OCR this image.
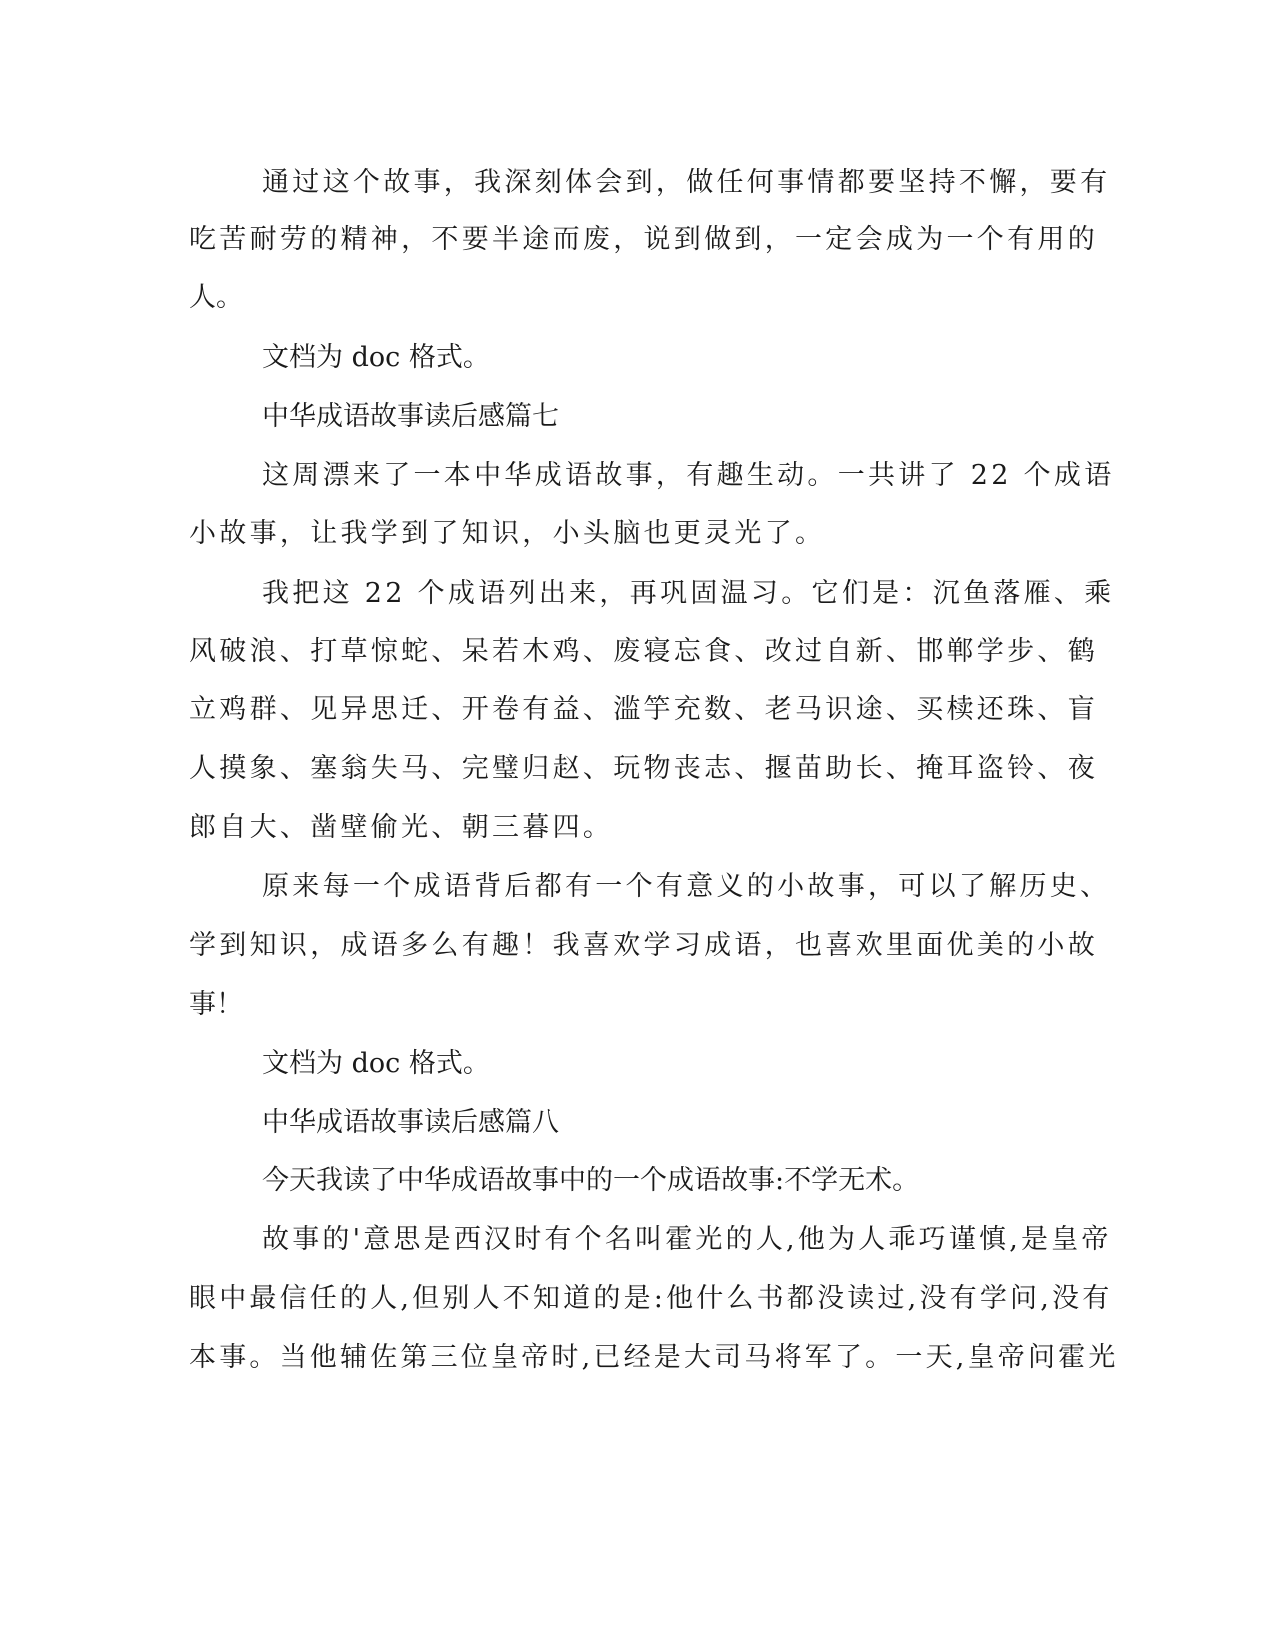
通过这个故事，我深刻体会到，做任何事情都要坚持不懈，要有
吃苦耐劳的精神，不要半途而废，说到做到，一定会成为一个有用的
人。
文档为 doc 格式。
中华成语故事读后感篇七
这周漂来了一本中华成语故事，有趣生动。一共讲了 22 个成语
小故事，让我学到了知识，小头脑也更灵光了。
我把这 22 个成语列出来，再巩固温习。它们是：沉鱼落雁、乘
风破浪、打草惊蛇、呆若木鸡、废寝忘食、改过自新、邯郸学步、鹤
立鸡群、见异思迁、开卷有益、滥竽充数、老马识途、买椟还珠、盲
人摸象、塞翁失马、完璧归赵、玩物丧志、揠苗助长、掩耳盗铃、夜
郎自大、凿壁偷光、朝三暮四。
原来每一个成语背后都有一个有意义的小故事，可以了解历史、
学到知识，成语多么有趣！我喜欢学习成语，也喜欢里面优美的小故
事！
文档为 doc 格式。
中华成语故事读后感篇八
今天我读了中华成语故事中的一个成语故事:不学无术。
故事的'意思是西汉时有个名叫霍光的人,他为人乖巧谨慎,是皇帝
眼中最信任的人,但别人不知道的是:他什么书都没读过,没有学问,没有
本事。当他辅佐第三位皇帝时,已经是大司马将军了。一天,皇帝问霍光
